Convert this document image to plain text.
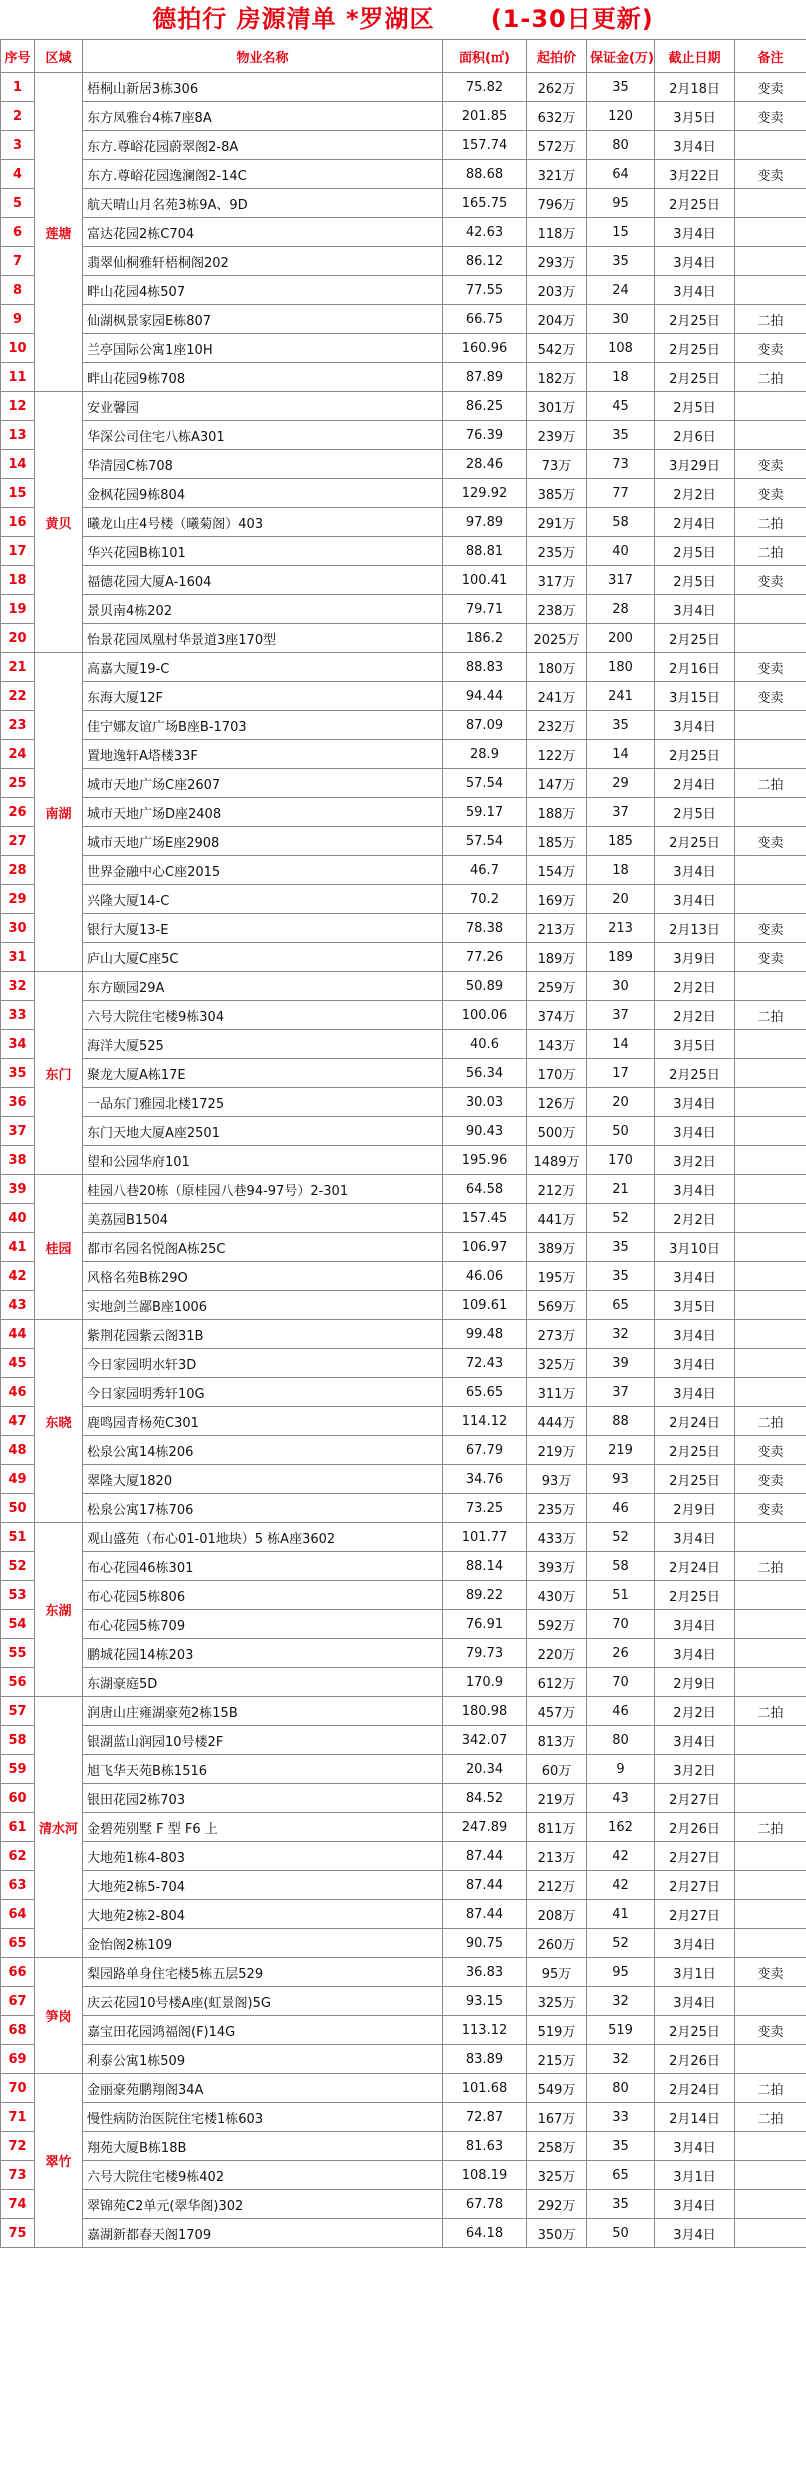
德拍行 房源清单 *罗湖区      (1-30日更新)
序号	区域	物业名称	面积(㎡)	起拍价	保证金(万)	截止日期	备注
1	莲塘	梧桐山新居3栋306	75.82	262万	35	2月18日	变卖
2		东方凤雅台4栋7座8A	201.85	632万	120	3月5日	变卖
3		东方.尊峪花园蔚翠阁2-8A	157.74	572万	80	3月4日	
4		东方.尊峪花园逸澜阁2-14C	88.68	321万	64	3月22日	变卖
5		航天晴山月名苑3栋9A、9D	165.75	796万	95	2月25日	
6		富达花园2栋C704	42.63	118万	15	3月4日	
7		翡翠仙桐雅轩梧桐阁202	86.12	293万	35	3月4日	
8		畔山花园4栋507	77.55	203万	24	3月4日	
9		仙湖枫景家园E栋807	66.75	204万	30	2月25日	二拍
10		兰亭国际公寓1座10H	160.96	542万	108	2月25日	变卖
11		畔山花园9栋708	87.89	182万	18	2月25日	二拍
12	黄贝	安业馨园	86.25	301万	45	2月5日	
13		华深公司住宅八栋A301	76.39	239万	35	2月6日	
14		华清园C栋708	28.46	73万	73	3月29日	变卖
15		金枫花园9栋804	129.92	385万	77	2月2日	变卖
16		曦龙山庄4号楼（曦菊阁）403	97.89	291万	58	2月4日	二拍
17		华兴花园B栋101	88.81	235万	40	2月5日	二拍
18		福德花园大厦A-1604	100.41	317万	317	2月5日	变卖
19		景贝南4栋202	79.71	238万	28	3月4日	
20		怡景花园凤凰村华景道3座170型	186.2	2025万	200	2月25日	
21	南湖	高嘉大厦19-C	88.83	180万	180	2月16日	变卖
22		东海大厦12F	94.44	241万	241	3月15日	变卖
23		佳宁娜友谊广场B座B-1703	87.09	232万	35	3月4日	
24		置地逸轩A塔楼33F	28.9	122万	14	2月25日	
25		城市天地广场C座2607	57.54	147万	29	2月4日	二拍
26		城市天地广场D座2408	59.17	188万	37	2月5日	
27		城市天地广场E座2908	57.54	185万	185	2月25日	变卖
28		世界金融中心C座2015	46.7	154万	18	3月4日	
29		兴隆大厦14-C	70.2	169万	20	3月4日	
30		银行大厦13-E	78.38	213万	213	2月13日	变卖
31		庐山大厦C座5C	77.26	189万	189	3月9日	变卖
32	东门	东方颐园29A	50.89	259万	30	2月2日	
33		六号大院住宅楼9栋304	100.06	374万	37	2月2日	二拍
34		海洋大厦525	40.6	143万	14	3月5日	
35		聚龙大厦A栋17E	56.34	170万	17	2月25日	
36		一品东门雅园北楼1725	30.03	126万	20	3月4日	
37		东门天地大厦A座2501	90.43	500万	50	3月4日	
38		望和公园华府101	195.96	1489万	170	3月2日	
39	桂园	桂园八巷20栋（原桂园八巷94-97号）2-301	64.58	212万	21	3月4日	
40		美荔园B1504	157.45	441万	52	2月2日	
41		都市名园名悦阁A栋25C	106.97	389万	35	3月10日	
42		风格名苑B栋29O	46.06	195万	35	3月4日	
43		实地剑兰鄙B座1006	109.61	569万	65	3月5日	
44	东晓	紫荆花园紫云阁31B	99.48	273万	32	3月4日	
45		今日家园明水轩3D	72.43	325万	39	3月4日	
46		今日家园明秀轩10G	65.65	311万	37	3月4日	
47		鹿鸣园青杨苑C301	114.12	444万	88	2月24日	二拍
48		松泉公寓14栋206	67.79	219万	219	2月25日	变卖
49		翠隆大厦1820	34.76	93万	93	2月25日	变卖
50		松泉公寓17栋706	73.25	235万	46	2月9日	变卖
51	东湖	观山盛苑（布心01-01地块）5 栋A座3602	101.77	433万	52	3月4日	
52		布心花园46栋301	88.14	393万	58	2月24日	二拍
53		布心花园5栋806	89.22	430万	51	2月25日	
54		布心花园5栋709	76.91	592万	70	3月4日	
55		鹏城花园14栋203	79.73	220万	26	3月4日	
56		东湖豪庭5D	170.9	612万	70	2月9日	
57	清水河	润唐山庄雍湖豪苑2栋15B	180.98	457万	46	2月2日	二拍
58		银湖蓝山润园10号楼2F	342.07	813万	80	3月4日	
59		旭飞华天苑B栋1516	20.34	60万	9	3月2日	
60		银田花园2栋703	84.52	219万	43	2月27日	
61		金碧苑别墅 F 型 F6 上	247.89	811万	162	2月26日	二拍
62		大地苑1栋4-803	87.44	213万	42	2月27日	
63		大地苑2栋5-704	87.44	212万	42	2月27日	
64		大地苑2栋2-804	87.44	208万	41	2月27日	
65		金怡阁2栋109	90.75	260万	52	3月4日	
66	笋岗	梨园路单身住宅楼5栋五层529	36.83	95万	95	3月1日	变卖
67		庆云花园10号楼A座(虹景阁)5G	93.15	325万	32	3月4日	
68		嘉宝田花园鸿福阁(F)14G	113.12	519万	519	2月25日	变卖
69		利泰公寓1栋509	83.89	215万	32	2月26日	
70	翠竹	金丽豪苑鹏翔阁34A	101.68	549万	80	2月24日	二拍
71		慢性病防治医院住宅楼1栋603	72.87	167万	33	2月14日	二拍
72		翔苑大厦B栋18B	81.63	258万	35	3月4日	
73		六号大院住宅楼9栋402	108.19	325万	65	3月1日	
74		翠锦苑C2单元(翠华阁)302	67.78	292万	35	3月4日	
75		嘉湖新都春天阁1709	64.18	350万	50	3月4日	
